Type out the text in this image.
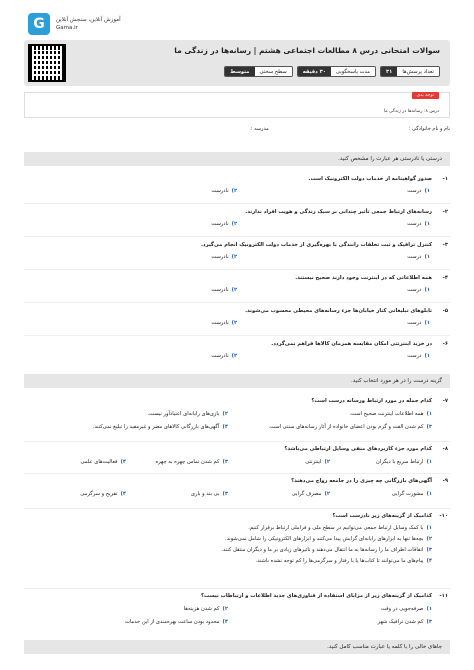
G	آموزش آنلاین، سنجش آنلاین
Gama.ir
سوالات امتحانی درس ۸ مطالعات اجتماعی هشتم | رسانه‌ها در زندگی ما
تعداد پرسش‌ها
۳۱
مدت پاسخگویی
۳۰ دقیقه
سطح سختی
متوسط
توجه بدی
درس ۸: رسانه‌ها در زندگی ما
نام و نام خانوادگی :
مدرسه :
درستی یا نادرستی هر عبارت را مشخص کنید.
۱-
صدور گواهینامه از خدمات دولت الکترونیک است.
۱)
درست
۲)
نادرست
۲-
رسانه‌های ارتباط جمعی تأثیر چندانی بر سبک زندگی و هویت افراد ندارند.
۱)
درست
۲)
نادرست
۳-
کنترل ترافیک و ثبت تخلفات رانندگی با بهره‌گیری از خدمات دولت الکترونیک انجام می‌گیرد.
۱)
درست
۲)
نادرست
۴-
همه اطلاعاتی که در اینترنت وجود دارند صحیح نیستند.
۱)
درست
۲)
نادرست
۵-
تابلوهای تبلیغاتی کنار خیابان‌ها جزء رسانه‌های محیطی محسوب می‌شوند.
۱)
درست
۲)
نادرست
۶-
در خرید اینترنتی امکان مقایسه همزمان کالاها فراهم نمی‌گردد.
۱)
درست
۲)
نادرست
گزینه درست را در هر مورد انتخاب کنید.
۷-
کدام جمله در مورد ارتباط ورسانه درست است؟
۱)
همه اطلاعات اینترنت صحیح است.
۲)
بازی‌های رایانه‌ای اعتیادآور نیست.
۳)
کم شدن الفت و گرم بودن اعضای خانواده از آثار رسانه‌های سنتی است.
۴)
آگهی‌های بازرگانی کالاهای مضر و غیرمفید را تبلیغ نمی‌کنند.
۸-
کدام مورد جزء کاربردهای منفی وسایل ارتباطی می‌باشد؟
۱)
ارتباط سریع با دیگران
۲)
اینترنتی
۳)
کم شدن تماس چهره به چهره
۴)
فعالیت‌های علمی
۹-
آگهی‌های بازرگانی چه چیزی را در جامعه رواج می‌دهند؟
۱)
مشورت گرایی
۲)
مصرف گرایی
۳)
بی بند و باری
۴)
تفریح و سرگرمی
۱۰-
کدامیک از گزینه‌های زیر نادرست است؟
۱)
با کمک وسایل ارتباط جمعی می‌توانیم در سطح ملی و فراملی ارتباط برقرار کنیم.
۲)
بچه‌ها تنها به ابزارهای رایانه‌ای گرایش پیدا می‌کنند و ابزارهای الکترونیکی را شامل نمی‌شوند.
۳)
اتفاقات اطراف ما را رسانه‌ها به ما انتقال می‌دهند و تاثیرهای زیادی بر ما و دیگران منتقل کنند.
۴)
پیام‌های ما می‌توانند تا کتاب‌ها یا با رفتار و سرگرمی‌ها را کم توجه نشده باشند.
۱۱-
کدامیک از گزینه‌های زیر از مزایای استفاده از فناوری‌های جدید اطلاعات و ارتباطات نیست؟
۱)
صرفه‌جویی در وقت
۲)
کم شدن هزینه‌ها
۳)
کم شدن ترافیک شهر
۴)
محدود بودن ساعت بهره‌مندی از این خدمات
جاهای خالی را با کلمه یا عبارت مناسب کامل کنید.
